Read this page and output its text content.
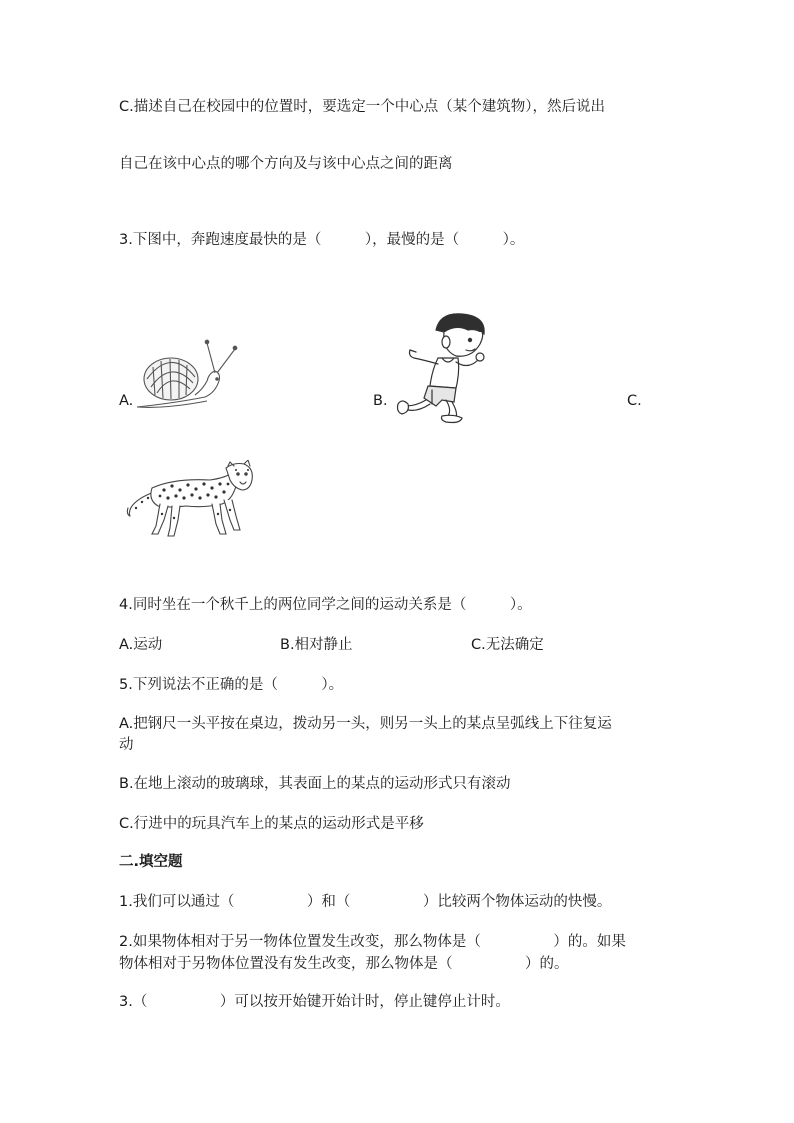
C.描述自己在校园中的位置时，要选定一个中心点（某个建筑物），然后说出
自己在该中心点的哪个方向及与该中心点之间的距离
3.下图中，奔跑速度最快的是（　　　），最慢的是（　　　）。
A.	B.	C.
4.同时坐在一个秋千上的两位同学之间的运动关系是（　　　）。
A.运动	B.相对静止	C.无法确定
5.下列说法不正确的是（　　　）。
A.把钢尺一头平按在桌边，拨动另一头，则另一头上的某点呈弧线上下往复运
动
B.在地上滚动的玻璃球，其表面上的某点的运动形式只有滚动
C.行进中的玩具汽车上的某点的运动形式是平移
二.填空题
1.我们可以通过（　　　　　）和（　　　　　）比较两个物体运动的快慢。
2.如果物体相对于另一物体位置发生改变，那么物体是（　　　　　）的。如果
物体相对于另物体位置没有发生改变，那么物体是（　　　　　）的。
3.（　　　　　）可以按开始键开始计时，停止键停止计时。
